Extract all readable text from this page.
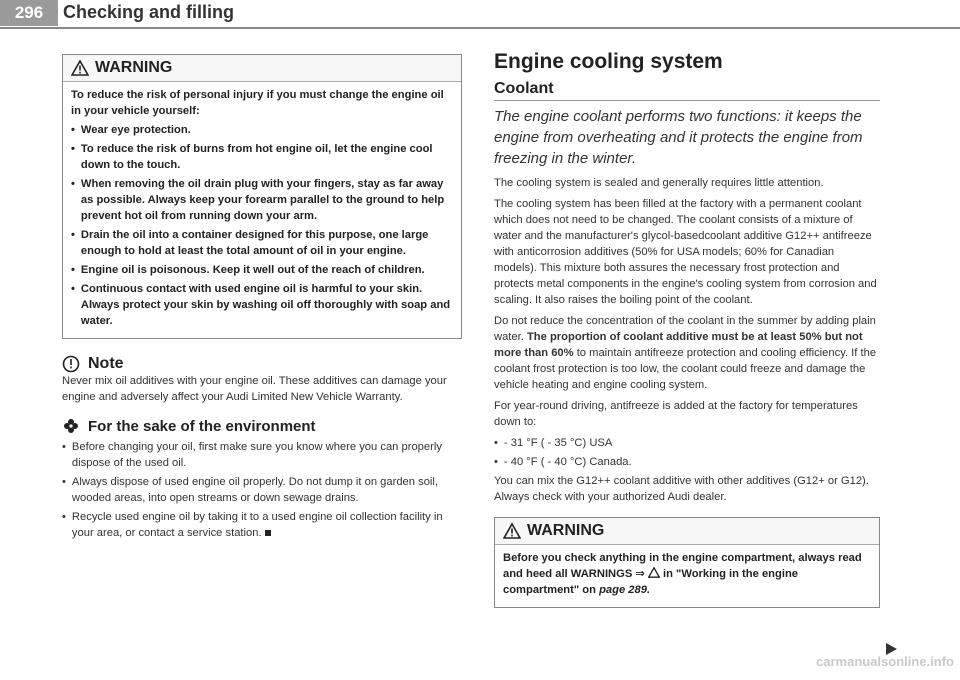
296	Checking and filling
WARNING

To reduce the risk of personal injury if you must change the engine oil in your vehicle yourself:

• Wear eye protection.
• To reduce the risk of burns from hot engine oil, let the engine cool down to the touch.
• When removing the oil drain plug with your fingers, stay as far away as possible. Always keep your forearm parallel to the ground to help prevent hot oil from running down your arm.
• Drain the oil into a container designed for this purpose, one large enough to hold at least the total amount of oil in your engine.
• Engine oil is poisonous. Keep it well out of the reach of children.
• Continuous contact with used engine oil is harmful to your skin. Always protect your skin by washing oil off thoroughly with soap and water.
Note

Never mix oil additives with your engine oil. These additives can damage your engine and adversely affect your Audi Limited New Vehicle Warranty.

For the sake of the environment
• Before changing your oil, first make sure you know where you can properly dispose of the used oil.
• Always dispose of used engine oil properly. Do not dump it on garden soil, wooded areas, into open streams or down sewage drains.
• Recycle used engine oil by taking it to a used engine oil collection facility in your area, or contact a service station.
Engine cooling system
Coolant

The engine coolant performs two functions: it keeps the engine from overheating and it protects the engine from freezing in the winter.

The cooling system is sealed and generally requires little attention.

The cooling system has been filled at the factory with a permanent coolant which does not need to be changed. The coolant consists of a mixture of water and the manufacturer's glycol-basedcoolant additive G12++ antifreeze with anticorrosion additives (50% for USA models; 60% for Canadian models). This mixture both assures the necessary frost protection and protects metal components in the engine's cooling system from corrosion and scaling. It also raises the boiling point of the coolant.

Do not reduce the concentration of the coolant in the summer by adding plain water. The proportion of coolant additive must be at least 50% but not more than 60% to maintain antifreeze protection and cooling efficiency. If the coolant frost protection is too low, the coolant could freeze and damage the vehicle heating and engine cooling system.

For year-round driving, antifreeze is added at the factory for temperatures down to:

• - 31 °F ( - 35 °C) USA
• - 40 °F ( - 40 °C) Canada.

You can mix the G12++ coolant additive with other additives (G12+ or G12). Always check with your authorized Audi dealer.

WARNING

Before you check anything in the engine compartment, always read and heed all WARNINGS ⇒  in "Working in the engine compartment" on page 289.

carmanualsonline.info
